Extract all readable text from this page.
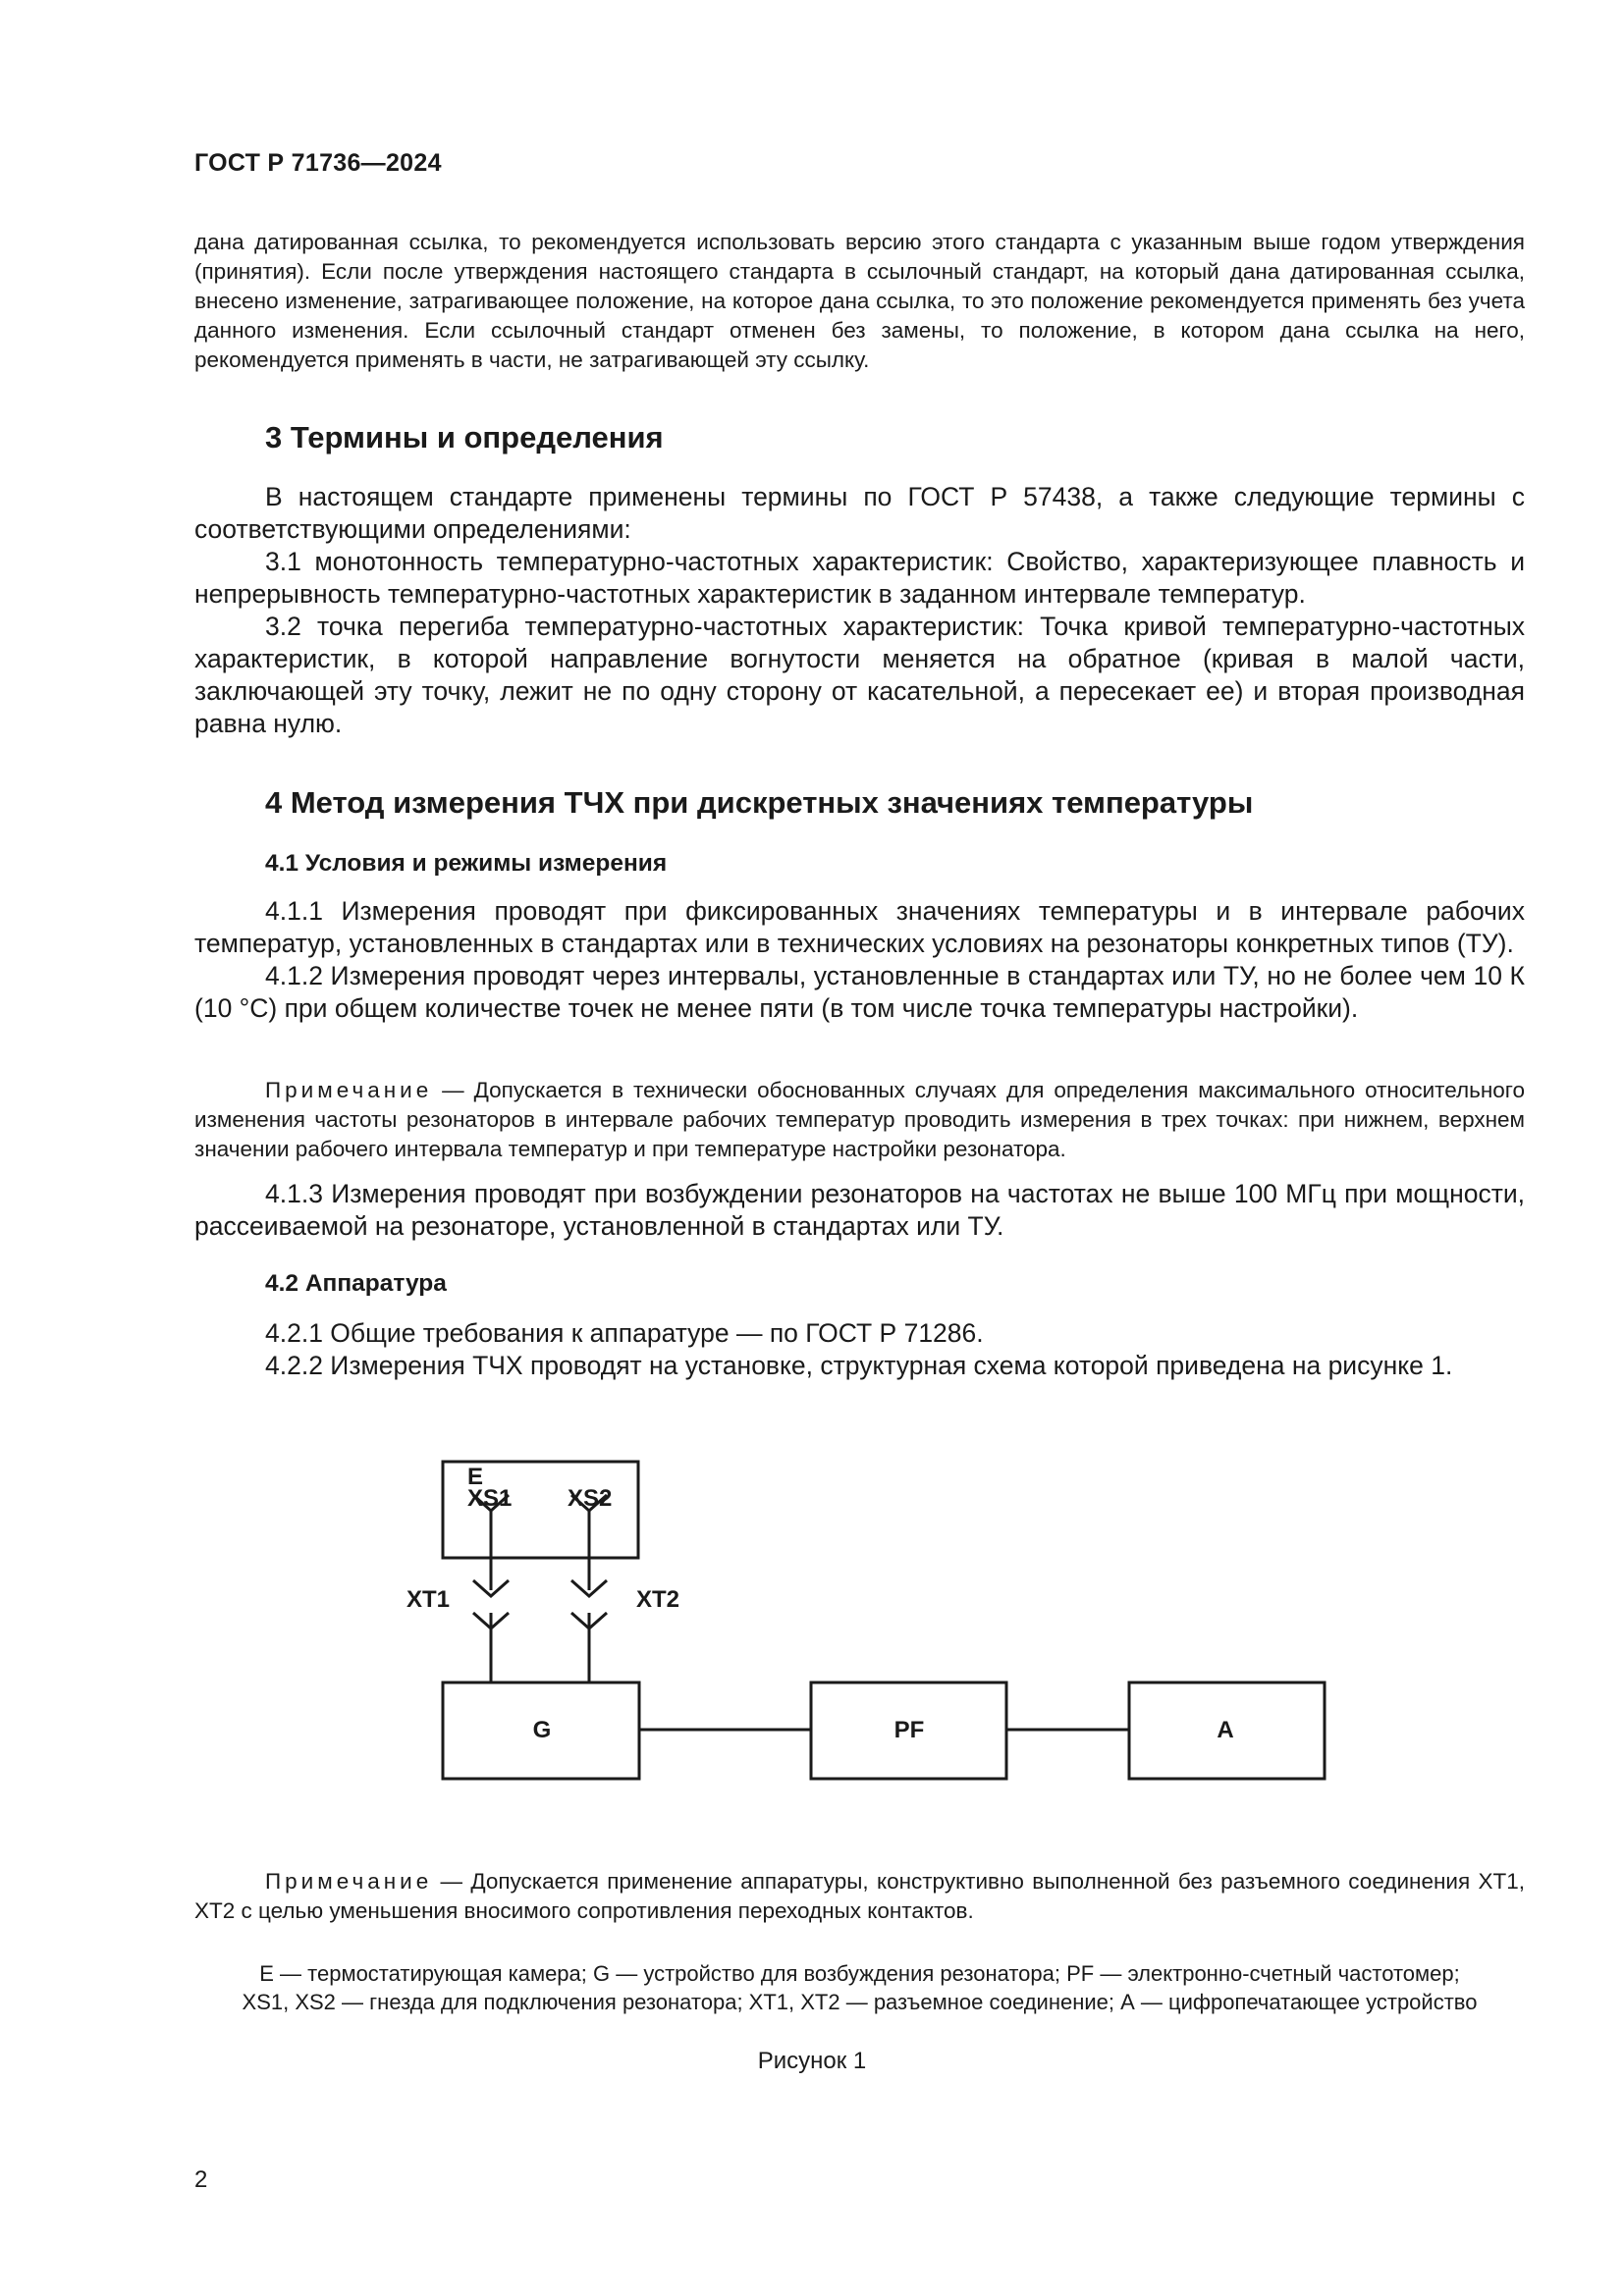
ГОСТ Р 71736—2024

дана датированная ссылка, то рекомендуется использовать версию этого стандарта с указанным выше годом утверждения (принятия). Если после утверждения настоящего стандарта в ссылочный стандарт, на который дана датированная ссылка, внесено изменение, затрагивающее положение, на которое дана ссылка, то это положение рекомендуется применять без учета данного изменения. Если ссылочный стандарт отменен без замены, то положение, в котором дана ссылка на него, рекомендуется применять в части, не затрагивающей эту ссылку.

3 Термины и определения

В настоящем стандарте применены термины по ГОСТ Р 57438, а также следующие термины с соответствующими определениями:

3.1 монотонность температурно-частотных характеристик: Свойство, характеризующее плавность и непрерывность температурно-частотных характеристик в заданном интервале температур.

3.2 точка перегиба температурно-частотных характеристик: Точка кривой температурно-частотных характеристик, в которой направление вогнутости меняется на обратное (кривая в малой части, заключающей эту точку, лежит не по одну сторону от касательной, а пересекает ее) и вторая производная равна нулю.

4 Метод измерения ТЧХ при дискретных значениях температуры
4.1 Условия и режимы измерения

4.1.1 Измерения проводят при фиксированных значениях температуры и в интервале рабочих температур, установленных в стандартах или в технических условиях на резонаторы конкретных типов (ТУ).

4.1.2 Измерения проводят через интервалы, установленные в стандартах или ТУ, но не более чем 10 К (10 °С) при общем количестве точек не менее пяти (в том числе точка температуры настройки).

Примечание — Допускается в технически обоснованных случаях для определения максимального относительного изменения частоты резонаторов в интервале рабочих температур проводить измерения в трех точках: при нижнем, верхнем значении рабочего интервала температур и при температуре настройки резонатора.

4.1.3 Измерения проводят при возбуждении резонаторов на частотах не выше 100 МГц при мощности, рассеиваемой на резонаторе, установленной в стандартах или ТУ.

4.2 Аппаратура

4.2.1 Общие требования к аппаратуре — по ГОСТ Р 71286.

4.2.2 Измерения ТЧХ проводят на установке, структурная схема которой приведена на рисунке 1.

E
XS1 XS2
XT1	XT2
G	PF	A

Примечание — Допускается применение аппаратуры, конструктивно выполненной без разъемного соединения XT1, XT2 с целью уменьшения вносимого сопротивления переходных контактов.

E — термостатирующая камера; G — устройство для возбуждения резонатора; PF — электронно-счетный частотомер;
XS1, XS2 — гнезда для подключения резонатора; XT1, XT2 — разъемное соединение; А — цифропечатающее устройство
Рисунок 1
2
